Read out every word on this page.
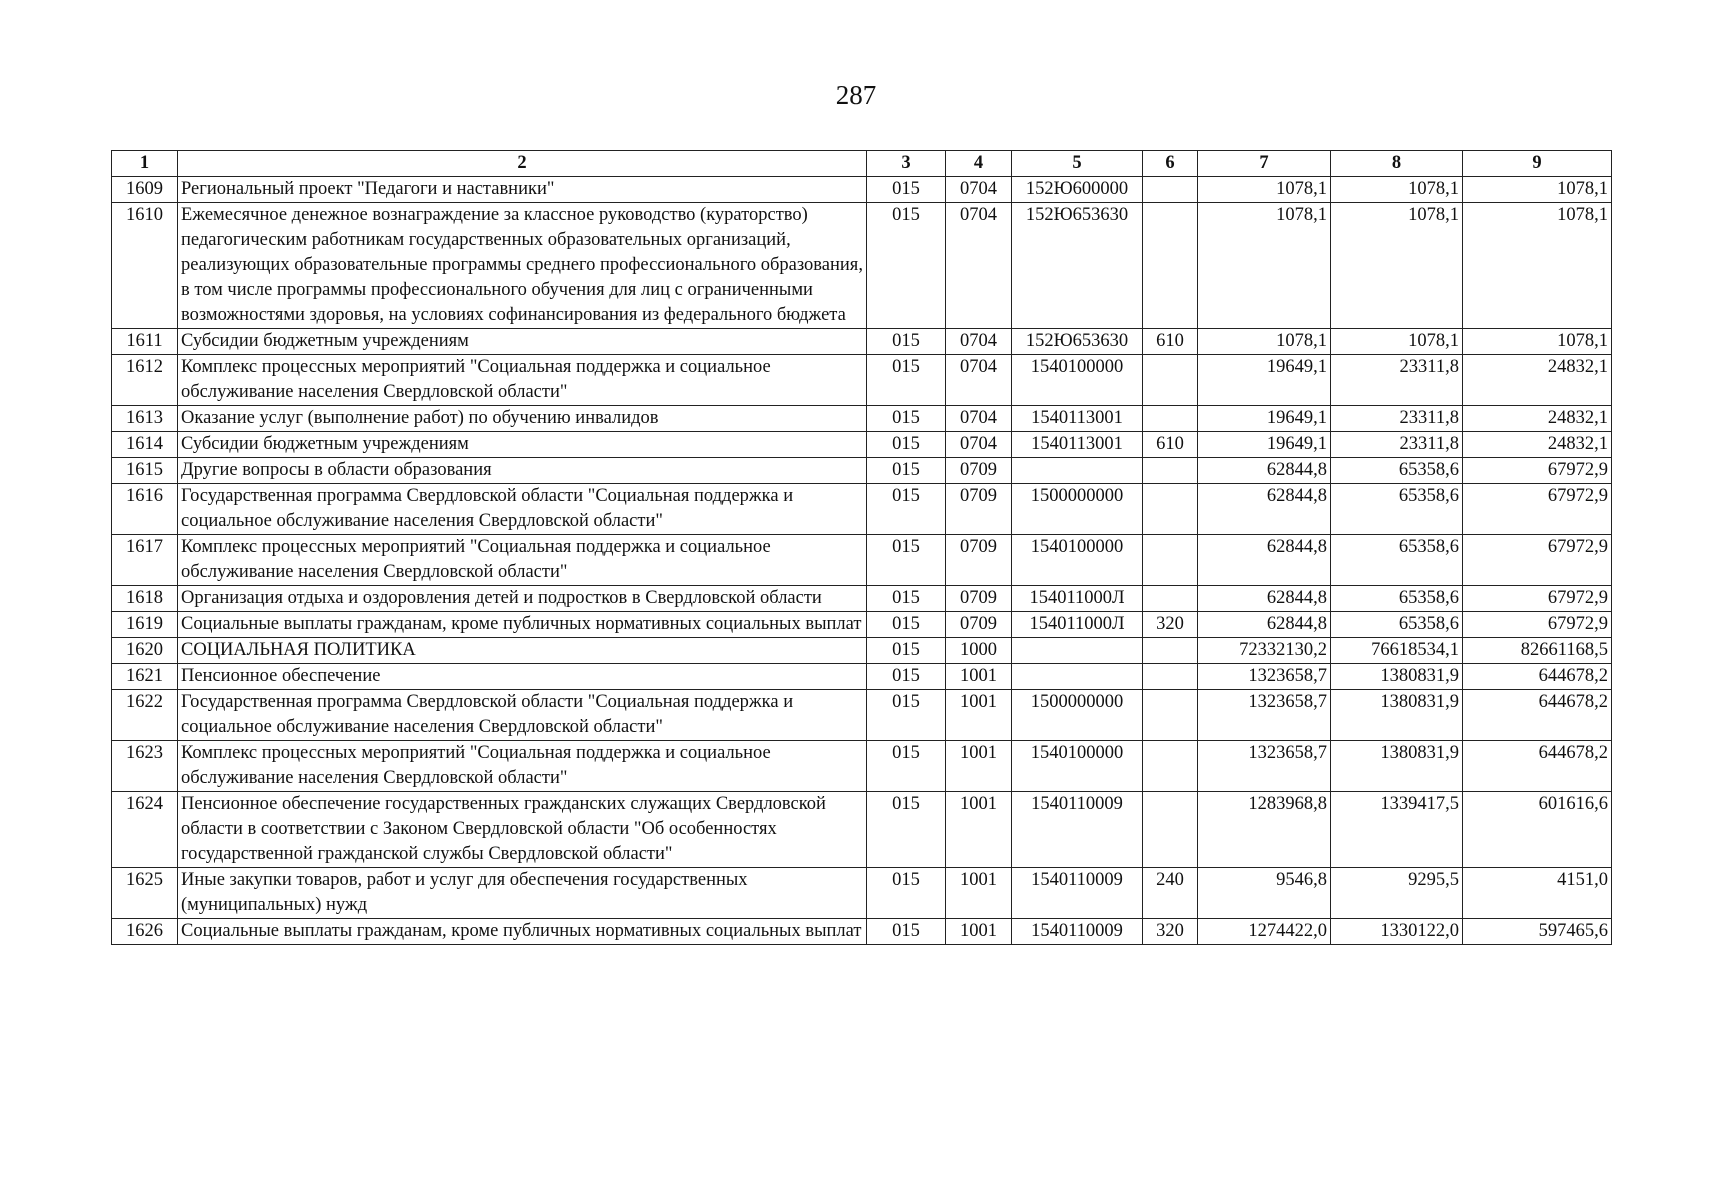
287
1	2	3	4	5	6	7	8	9
1609	Региональный проект "Педагоги и наставники"	015	0704	152Ю600000		1078,1	1078,1	1078,1
1610	Ежемесячное денежное вознаграждение за классное руководство (кураторство) педагогическим работникам государственных образовательных организаций, реализующих образовательные программы среднего профессионального образования, в том числе программы профессионального обучения для лиц с ограниченными возможностями здоровья, на условиях софинансирования из федерального бюджета	015	0704	152Ю653630		1078,1	1078,1	1078,1
1611	Субсидии бюджетным учреждениям	015	0704	152Ю653630	610	1078,1	1078,1	1078,1
1612	Комплекс процессных мероприятий "Социальная поддержка и социальное обслуживание населения Свердловской области"	015	0704	1540100000		19649,1	23311,8	24832,1
1613	Оказание услуг (выполнение работ) по обучению инвалидов	015	0704	1540113001		19649,1	23311,8	24832,1
1614	Субсидии бюджетным учреждениям	015	0704	1540113001	610	19649,1	23311,8	24832,1
1615	Другие вопросы в области образования	015	0709			62844,8	65358,6	67972,9
1616	Государственная программа Свердловской области "Социальная поддержка и социальное обслуживание населения Свердловской области"	015	0709	1500000000		62844,8	65358,6	67972,9
1617	Комплекс процессных мероприятий "Социальная поддержка и социальное обслуживание населения Свердловской области"	015	0709	1540100000		62844,8	65358,6	67972,9
1618	Организация отдыха и оздоровления детей и подростков в Свердловской области	015	0709	154011000Л		62844,8	65358,6	67972,9
1619	Социальные выплаты гражданам, кроме публичных нормативных социальных выплат	015	0709	154011000Л	320	62844,8	65358,6	67972,9
1620	СОЦИАЛЬНАЯ ПОЛИТИКА	015	1000			72332130,2	76618534,1	82661168,5
1621	Пенсионное обеспечение	015	1001			1323658,7	1380831,9	644678,2
1622	Государственная программа Свердловской области "Социальная поддержка и социальное обслуживание населения Свердловской области"	015	1001	1500000000		1323658,7	1380831,9	644678,2
1623	Комплекс процессных мероприятий "Социальная поддержка и социальное обслуживание населения Свердловской области"	015	1001	1540100000		1323658,7	1380831,9	644678,2
1624	Пенсионное обеспечение государственных гражданских служащих Свердловской области в соответствии с Законом Свердловской области "Об особенностях государственной гражданской службы Свердловской области"	015	1001	1540110009		1283968,8	1339417,5	601616,6
1625	Иные закупки товаров, работ и услуг для обеспечения государственных (муниципальных) нужд	015	1001	1540110009	240	9546,8	9295,5	4151,0
1626	Социальные выплаты гражданам, кроме публичных нормативных социальных выплат	015	1001	1540110009	320	1274422,0	1330122,0	597465,6
